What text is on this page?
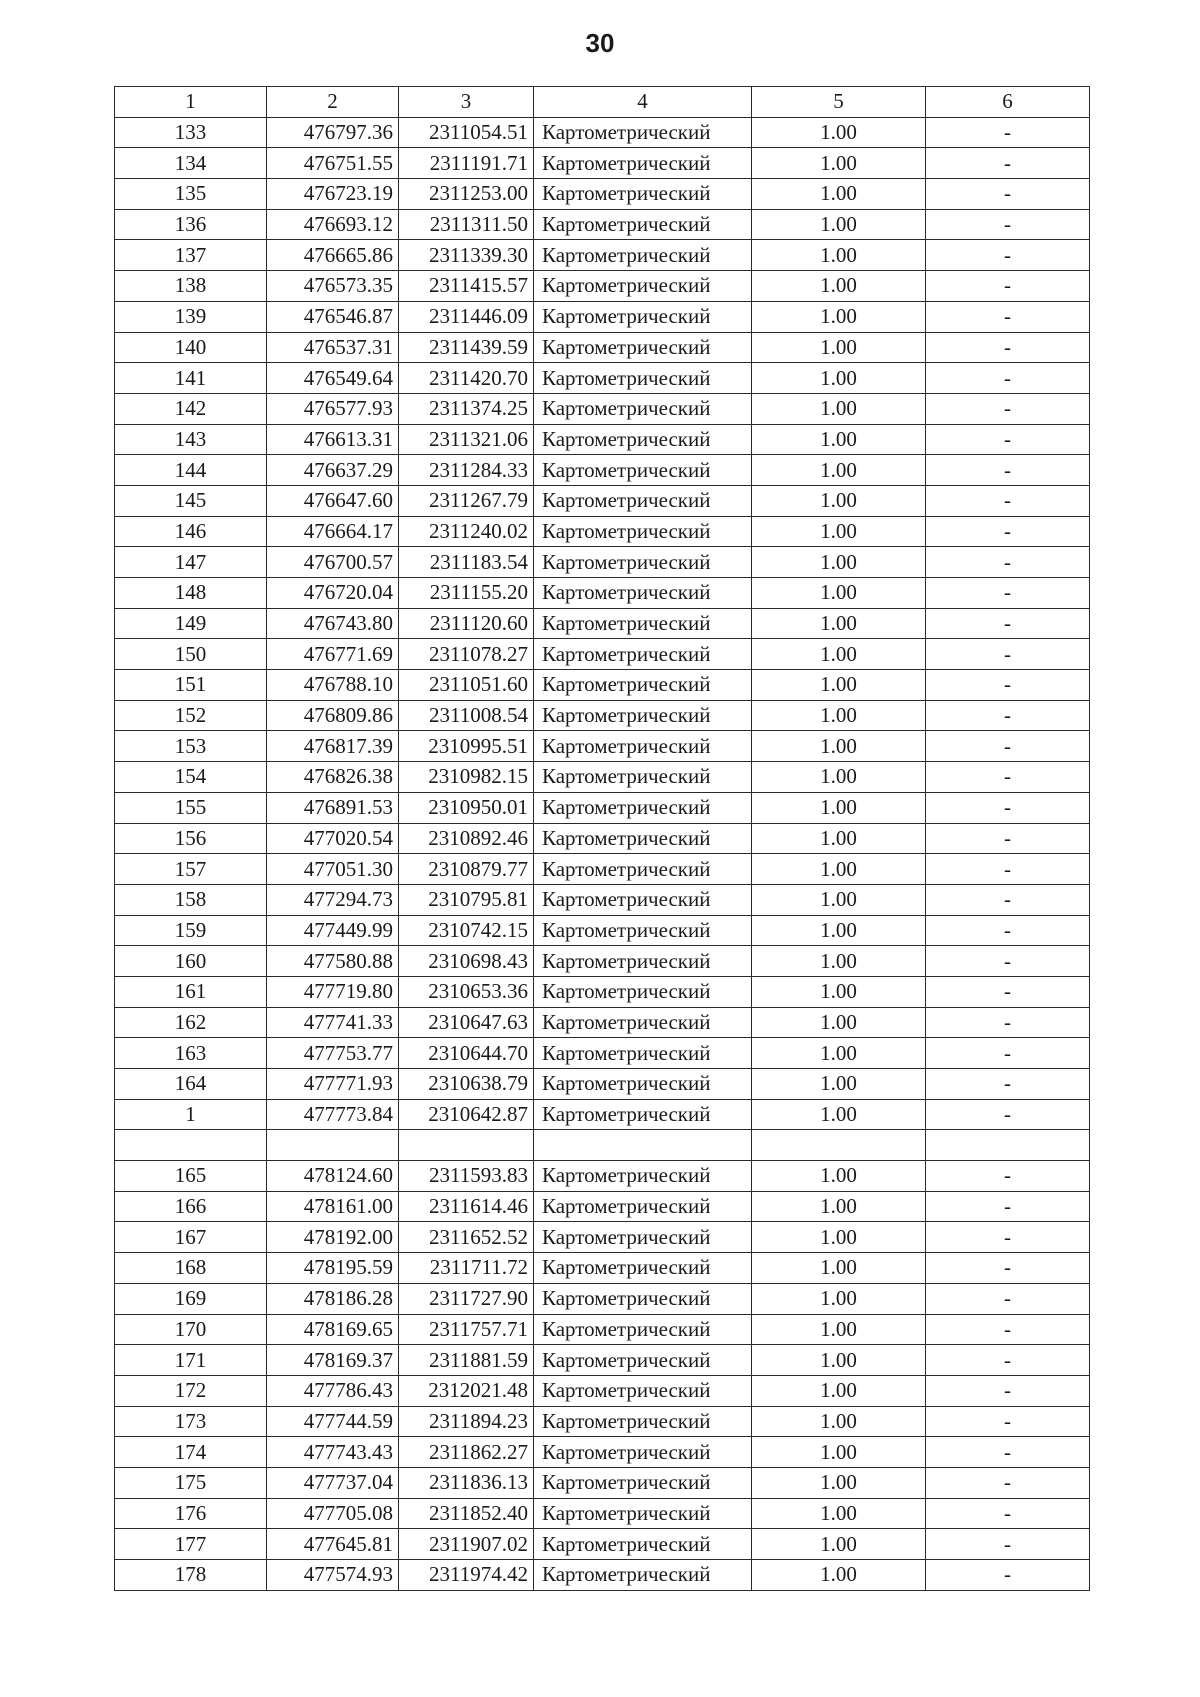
30
1	2	3	4	5	6
133	476797.36	2311054.51	Картометрический	1.00	-
134	476751.55	2311191.71	Картометрический	1.00	-
135	476723.19	2311253.00	Картометрический	1.00	-
136	476693.12	2311311.50	Картометрический	1.00	-
137	476665.86	2311339.30	Картометрический	1.00	-
138	476573.35	2311415.57	Картометрический	1.00	-
139	476546.87	2311446.09	Картометрический	1.00	-
140	476537.31	2311439.59	Картометрический	1.00	-
141	476549.64	2311420.70	Картометрический	1.00	-
142	476577.93	2311374.25	Картометрический	1.00	-
143	476613.31	2311321.06	Картометрический	1.00	-
144	476637.29	2311284.33	Картометрический	1.00	-
145	476647.60	2311267.79	Картометрический	1.00	-
146	476664.17	2311240.02	Картометрический	1.00	-
147	476700.57	2311183.54	Картометрический	1.00	-
148	476720.04	2311155.20	Картометрический	1.00	-
149	476743.80	2311120.60	Картометрический	1.00	-
150	476771.69	2311078.27	Картометрический	1.00	-
151	476788.10	2311051.60	Картометрический	1.00	-
152	476809.86	2311008.54	Картометрический	1.00	-
153	476817.39	2310995.51	Картометрический	1.00	-
154	476826.38	2310982.15	Картометрический	1.00	-
155	476891.53	2310950.01	Картометрический	1.00	-
156	477020.54	2310892.46	Картометрический	1.00	-
157	477051.30	2310879.77	Картометрический	1.00	-
158	477294.73	2310795.81	Картометрический	1.00	-
159	477449.99	2310742.15	Картометрический	1.00	-
160	477580.88	2310698.43	Картометрический	1.00	-
161	477719.80	2310653.36	Картометрический	1.00	-
162	477741.33	2310647.63	Картометрический	1.00	-
163	477753.77	2310644.70	Картометрический	1.00	-
164	477771.93	2310638.79	Картометрический	1.00	-
1	477773.84	2310642.87	Картометрический	1.00	-

165	478124.60	2311593.83	Картометрический	1.00	-
166	478161.00	2311614.46	Картометрический	1.00	-
167	478192.00	2311652.52	Картометрический	1.00	-
168	478195.59	2311711.72	Картометрический	1.00	-
169	478186.28	2311727.90	Картометрический	1.00	-
170	478169.65	2311757.71	Картометрический	1.00	-
171	478169.37	2311881.59	Картометрический	1.00	-
172	477786.43	2312021.48	Картометрический	1.00	-
173	477744.59	2311894.23	Картометрический	1.00	-
174	477743.43	2311862.27	Картометрический	1.00	-
175	477737.04	2311836.13	Картометрический	1.00	-
176	477705.08	2311852.40	Картометрический	1.00	-
177	477645.81	2311907.02	Картометрический	1.00	-
178	477574.93	2311974.42	Картометрический	1.00	-
